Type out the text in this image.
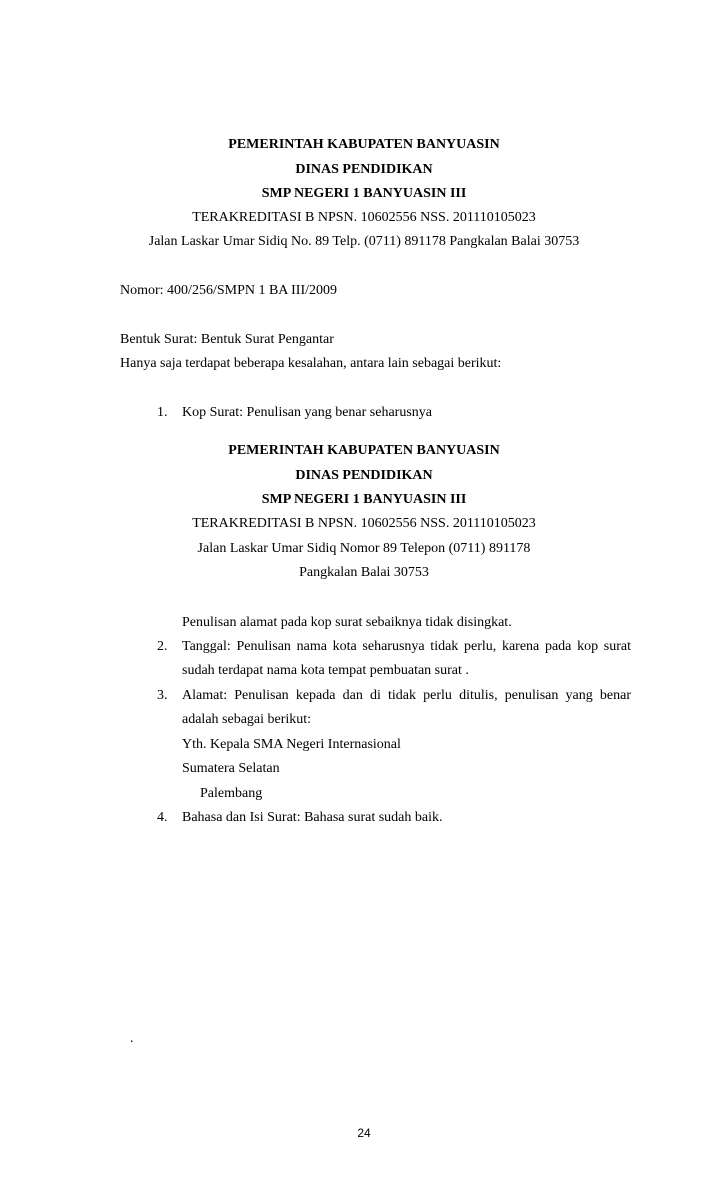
PEMERINTAH KABUPATEN BANYUASIN
DINAS PENDIDIKAN
SMP NEGERI 1 BANYUASIN III
TERAKREDITASI B NPSN. 10602556 NSS. 201110105023
Jalan Laskar Umar Sidiq No. 89 Telp. (0711) 891178 Pangkalan Balai 30753
Nomor: 400/256/SMPN 1 BA III/2009
Bentuk Surat: Bentuk Surat Pengantar
Hanya saja terdapat beberapa kesalahan, antara lain sebagai berikut:
1. Kop Surat: Penulisan yang benar seharusnya
PEMERINTAH KABUPATEN BANYUASIN
DINAS PENDIDIKAN
SMP NEGERI 1 BANYUASIN III
TERAKREDITASI B NPSN. 10602556 NSS. 201110105023
Jalan Laskar Umar Sidiq Nomor 89 Telepon (0711) 891178
Pangkalan Balai 30753
Penulisan alamat pada kop surat sebaiknya tidak disingkat.
2. Tanggal: Penulisan nama kota seharusnya tidak perlu, karena pada kop surat
sudah terdapat nama kota tempat pembuatan surat .
3. Alamat: Penulisan kepada dan di tidak perlu ditulis, penulisan yang benar
adalah sebagai berikut:
Yth. Kepala SMA Negeri Internasional
Sumatera Selatan
Palembang
4. Bahasa dan Isi Surat: Bahasa surat sudah baik.
.
24
